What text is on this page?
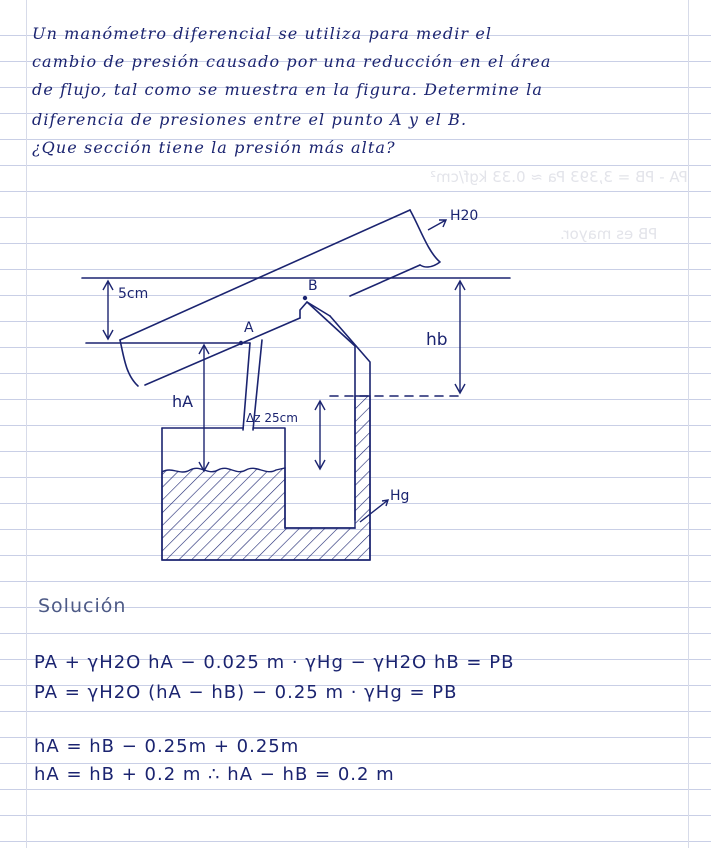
PA - PB = 3,393 Pa ≈ 0.33 kgf/cm²
PB es mayor.
Un manómetro diferencial se utiliza para medir el
cambio de presión causado por una reducción en el área
de flujo, tal como se muestra en la figura. Determine la
diferencia de presiones entre el punto A y el B.
¿Que sección tiene la presión más alta?
H20
5cm	B
A
hb
hA
Δz 25cm
Hg
Solución
PA + γH2O hA − 0.025 m · γHg − γH2O hB = PB
PA = γH2O (hA − hB) − 0.25 m · γHg = PB
hA = hB − 0.25m + 0.25m
hA = hB + 0.2 m ∴ hA − hB = 0.2 m
